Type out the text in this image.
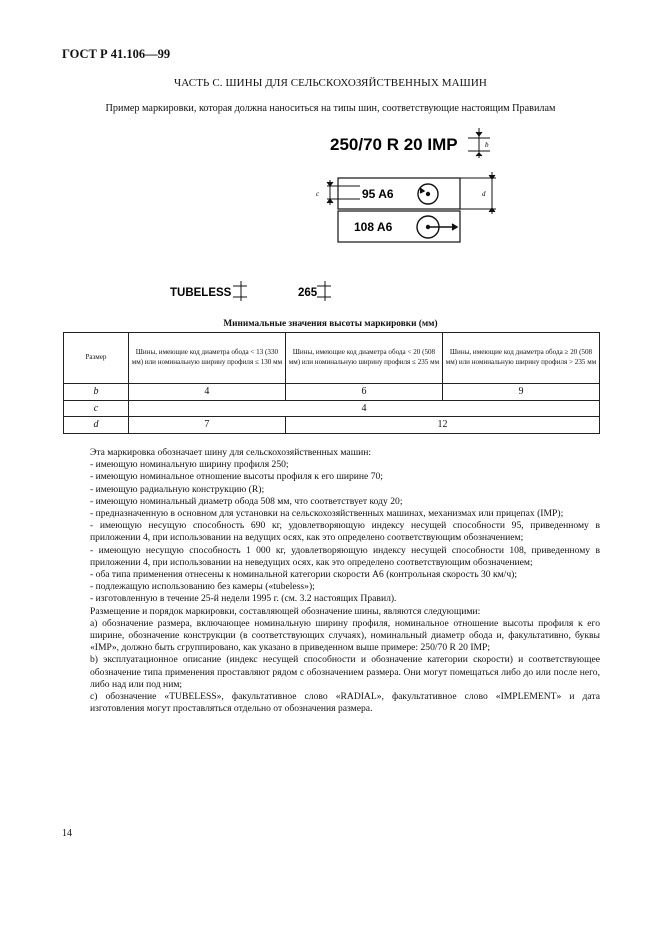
ГОСТ Р 41.106—99
ЧАСТЬ С. ШИНЫ ДЛЯ СЕЛЬСКОХОЗЯЙСТВЕННЫХ МАШИН
Пример маркировки, которая должна наноситься на типы шин, соответствующие настоящим Правилам
250/70 R 20 IMP	b
95 A6
108 A6
c	d
TUBELESS	265
Минимальные значения высоты маркировки (мм)
Размер	Шины, имеющие код диаметра обода < 13 (330 мм) или номинальную ширину профиля ≤ 130 мм	Шины, имеющие код диаметра обода < 20 (508 мм) или номинальную ширину профиля ≤ 235 мм	Шины, имеющие код диаметра обода ≥ 20 (508 мм) или номинальную ширину профиля > 235 мм
b	4	6	9
c	4		
d	7	12	

Эта маркировка обозначает шину для сельскохозяйственных машин:

- имеющую номинальную ширину профиля 250;

- имеющую номинальное отношение высоты профиля к его ширине 70;

- имеющую радиальную конструкцию (R);

- имеющую номинальный диаметр обода 508 мм, что соответствует коду 20;

- предназначенную в основном для установки на сельскохозяйственных машинах, механизмах или прицепах (IMP);

- имеющую несущую способность 690 кг, удовлетворяющую индексу несущей способности 95, приведенному в приложении 4, при использовании на ведущих осях, как это определено соответствующим обозначением;

- имеющую несущую способность 1 000 кг, удовлетворяющую индексу несущей способности 108, приведенному в приложении 4, при использовании на неведущих осях, как это определено соответствующим обозначением;

- оба типа применения отнесены к номинальной категории скорости A6 (контрольная скорость 30 км/ч);

- подлежащую использованию без камеры («tubeless»);

- изготовленную в течение 25-й недели 1995 г. (см. 3.2 настоящих Правил).

Размещение и порядок маркировки, составляющей обозначение шины, являются следующими:

a) обозначение размера, включающее номинальную ширину профиля, номинальное отношение высоты профиля к его ширине, обозначение конструкции (в соответствующих случаях), номинальный диаметр обода и, факультативно, буквы «IMP», должно быть сгруппировано, как указано в приведенном выше примере: 250/70 R 20 IMP;

b) эксплуатационное описание (индекс несущей способности и обозначение категории скорости) и соответствующее обозначение типа применения проставляют рядом с обозначением размера. Они могут помещаться либо до или после него, либо над или под ним;

c) обозначение «TUBELESS», факультативное слово «RADIAL», факультативное слово «IMPLEMENT» и дата изготовления могут проставляться отдельно от обозначения размера.

14
